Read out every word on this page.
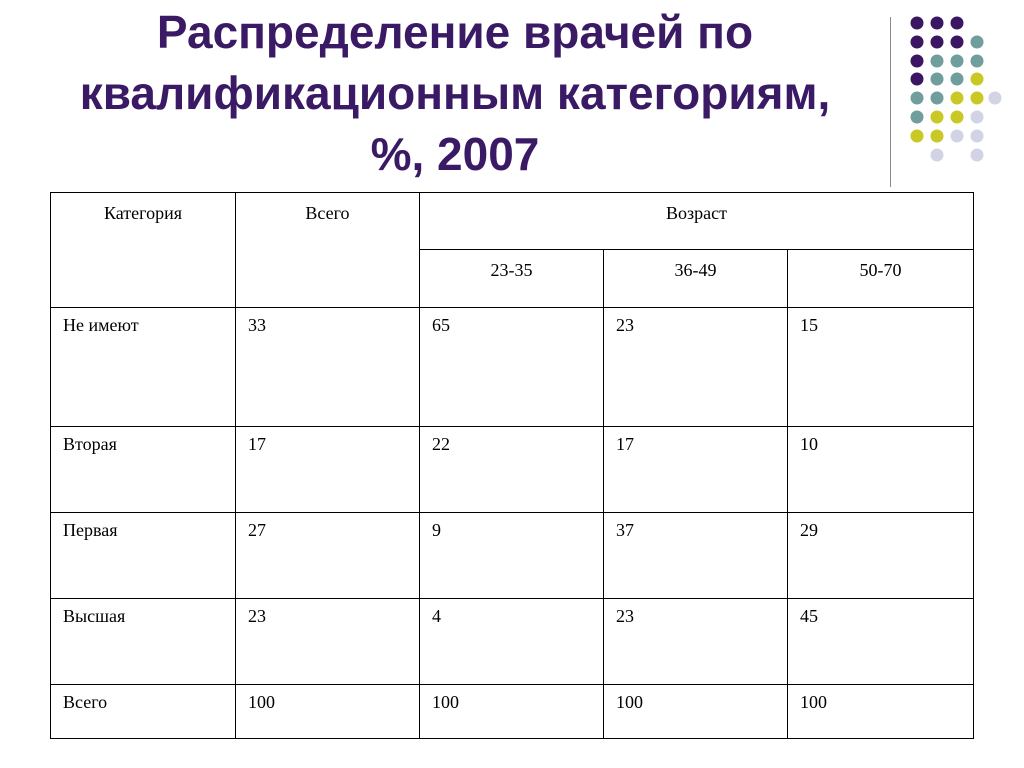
Распределение врачей по
квалификационным категориям,
%, 2007
Категория	Всего	Возраст		
		23-35	36-49	50-70
Не имеют	33	65	23	15
Вторая	17	22	17	10
Первая	27	9	37	29
Высшая	23	4	23	45
Всего	100	100	100	100
